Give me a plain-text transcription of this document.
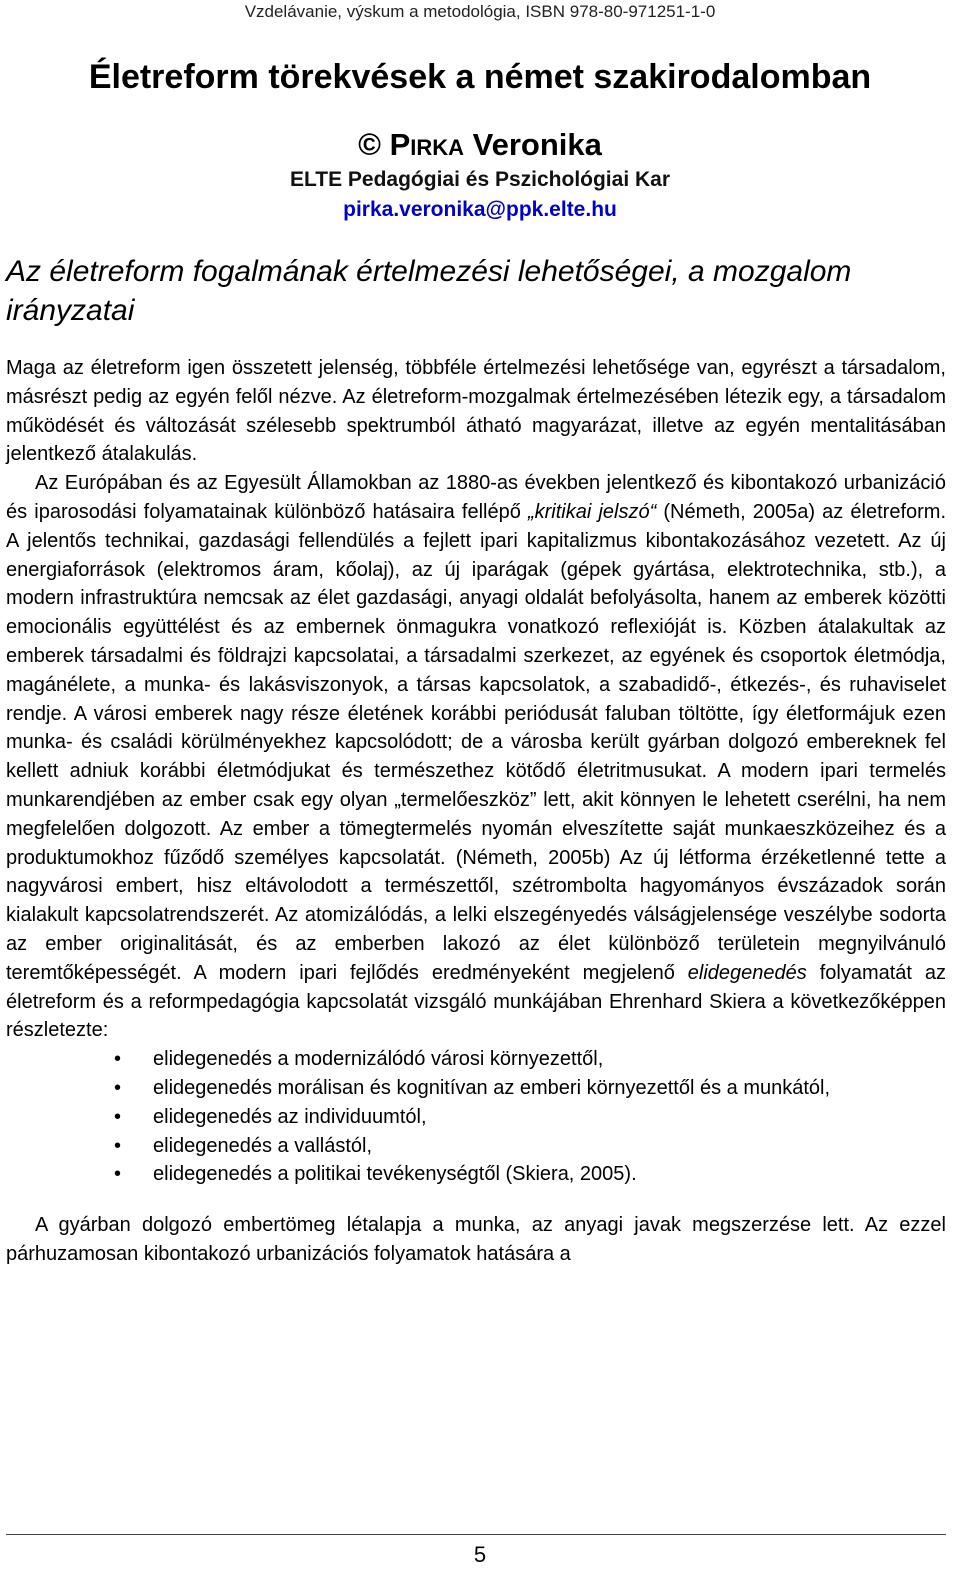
Vzdelávanie, výskum a metodológia, ISBN 978-80-971251-1-0
Életreform törekvések a német szakirodalomban
© PIRKA Veronika
ELTE Pedagógiai és Pszichológiai Kar
pirka.veronika@ppk.elte.hu
Az életreform fogalmának értelmezési lehetőségei, a mozgalom irányzatai

Maga az életreform igen összetett jelenség, többféle értelmezési lehetősége van, egyrészt a társadalom, másrészt pedig az egyén felől nézve. Az életreform-mozgalmak értelmezésében létezik egy, a társadalom működését és változását szélesebb spektrumból átható magyarázat, illetve az egyén mentalitásában jelentkező átalakulás.

Az Európában és az Egyesült Államokban az 1880-as években jelentkező és kibontakozó urbanizáció és iparosodási folyamatainak különböző hatásaira fellépő „kritikai jelszó“ (Németh, 2005a) az életreform. A jelentős technikai, gazdasági fellendülés a fejlett ipari kapitalizmus kibontakozásához vezetett. Az új energiaforrások (elektromos áram, kőolaj), az új iparágak (gépek gyártása, elektrotechnika, stb.), a modern infrastruktúra nemcsak az élet gazdasági, anyagi oldalát befolyásolta, hanem az emberek közötti emocionális együttélést és az embernek önmagukra vonatkozó reflexióját is. Közben átalakultak az emberek társadalmi és földrajzi kapcsolatai, a társadalmi szerkezet, az egyének és csoportok életmódja, magánélete, a munka- és lakásviszonyok, a társas kapcsolatok, a szabadidő-, étkezés-, és ruhaviselet rendje. A városi emberek nagy része életének korábbi periódusát faluban töltötte, így életformájuk ezen munka- és családi körülményekhez kapcsolódott; de a városba került gyárban dolgozó embereknek fel kellett adniuk korábbi életmódjukat és természethez kötődő életritmusukat. A modern ipari termelés munkarendjében az ember csak egy olyan „termelőeszköz” lett, akit könnyen le lehetett cserélni, ha nem megfelelően dolgozott. Az ember a tömegtermelés nyomán elveszítette saját munkaeszközeihez és a produktumokhoz fűződő személyes kapcsolatát. (Németh, 2005b) Az új létforma érzéketlenné tette a nagyvárosi embert, hisz eltávolodott a természettől, szétrombolta hagyományos évszázadok során kialakult kapcsolatrendszerét. Az atomizálódás, a lelki elszegényedés válságjelensége veszélybe sodorta az ember originalitását, és az emberben lakozó az élet különböző területein megnyilvánuló teremtőképességét. A modern ipari fejlődés eredményeként megjelenő elidegenedés folyamatát az életreform és a reformpedagógia kapcsolatát vizsgáló munkájában Ehrenhard Skiera a következőképpen részletezte:

• elidegenedés a modernizálódó városi környezettől,
• elidegenedés morálisan és kognitívan az emberi környezettől és a munkától,
• elidegenedés az individuumtól,
• elidegenedés a vallástól,
• elidegenedés a politikai tevékenységtől (Skiera, 2005).

A gyárban dolgozó embertömeg létalapja a munka, az anyagi javak megszerzése lett. Az ezzel párhuzamosan kibontakozó urbanizációs folyamatok hatására a

5
